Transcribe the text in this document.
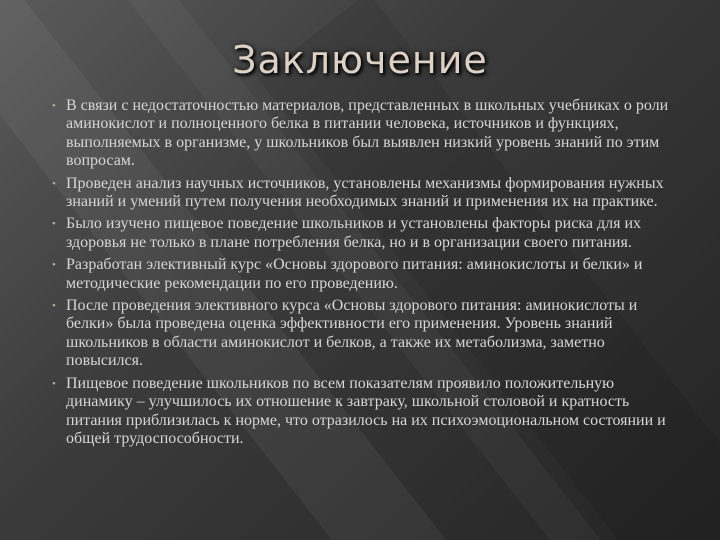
Заключение
• В связи с недостаточностью материалов, представленных в школьных учебниках о роли аминокислот и полноценного белка в питании человека, источников и функциях, выполняемых в организме, у школьников был выявлен низкий уровень знаний по этим вопросам.
• Проведен анализ научных источников, установлены механизмы формирования нужных знаний и умений путем получения необходимых знаний и применения их на практике.
• Было изучено пищевое поведение школьников и установлены факторы риска для их здоровья не только в плане потребления белка, но и в организации своего питания.
• Разработан элективный курс «Основы здорового питания: аминокислоты и белки» и методические рекомендации по его проведению.
• После проведения элективного курса «Основы здорового питания: аминокислоты и белки» была проведена оценка эффективности его применения. Уровень знаний школьников в области аминокислот и белков, а также их метаболизма, заметно повысился.
• Пищевое поведение школьников по всем показателям проявило положительную динамику – улучшилось их отношение к завтраку, школьной столовой и кратность питания приблизилась к норме, что отразилось на их психоэмоциональном состоянии и общей трудоспособности.
